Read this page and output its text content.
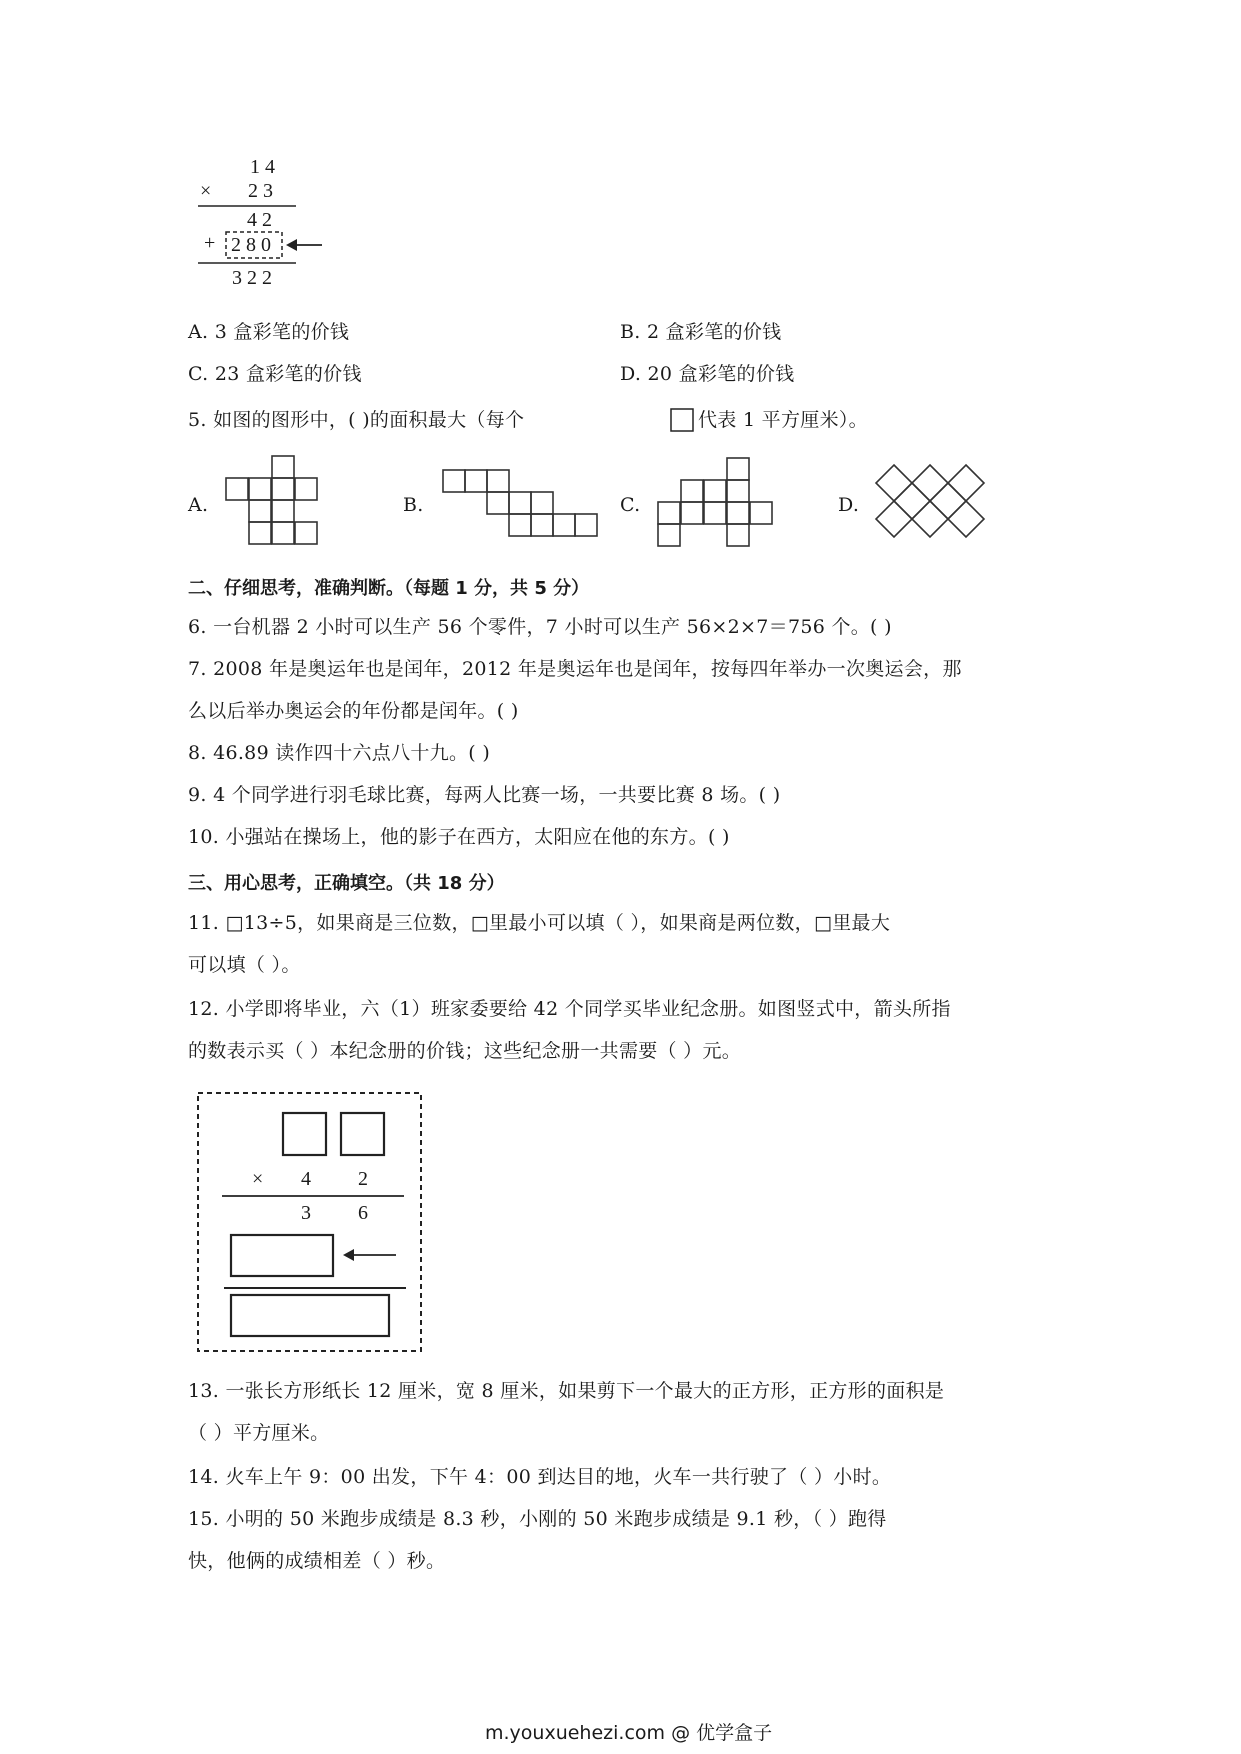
1 4
× 2 3
4 2
+ 2 8 0
3 2 2
A. 3 盒彩笔的价钱	B. 2 盒彩笔的价钱
C. 23 盒彩笔的价钱	D. 20 盒彩笔的价钱
5. 如图的图形中，( )的面积最大（每个	代表 1 平方厘米）。
A.	B.	C.	D.
二、仔细思考，准确判断。（每题 1 分，共 5 分）
6. 一台机器 2 小时可以生产 56 个零件，7 小时可以生产 56×2×7＝756 个。( )
7. 2008 年是奥运年也是闰年，2012 年是奥运年也是闰年，按每四年举办一次奥运会，那
么以后举办奥运会的年份都是闰年。( )
8. 46.89 读作四十六点八十九。( )
9. 4 个同学进行羽毛球比赛，每两人比赛一场，一共要比赛 8 场。( )
10. 小强站在操场上，他的影子在西方，太阳应在他的东方。( )
三、用心思考，正确填空。（共 18 分）
11. □13÷5，如果商是三位数，□里最小可以填（ ），如果商是两位数，□里最大
可以填（ ）。
12. 小学即将毕业，六（1）班家委要给 42 个同学买毕业纪念册。如图竖式中，箭头所指
的数表示买（ ）本纪念册的价钱；这些纪念册一共需要（ ）元。
× 4 2
3 6
13. 一张长方形纸长 12 厘米，宽 8 厘米，如果剪下一个最大的正方形，正方形的面积是
（ ）平方厘米。
14. 火车上午 9：00 出发，下午 4：00 到达目的地，火车一共行驶了（ ）小时。
15. 小明的 50 米跑步成绩是 8.3 秒，小刚的 50 米跑步成绩是 9.1 秒，（ ）跑得
快，他俩的成绩相差（ ）秒。
m.youxuehezi.com @ 优学盒子
